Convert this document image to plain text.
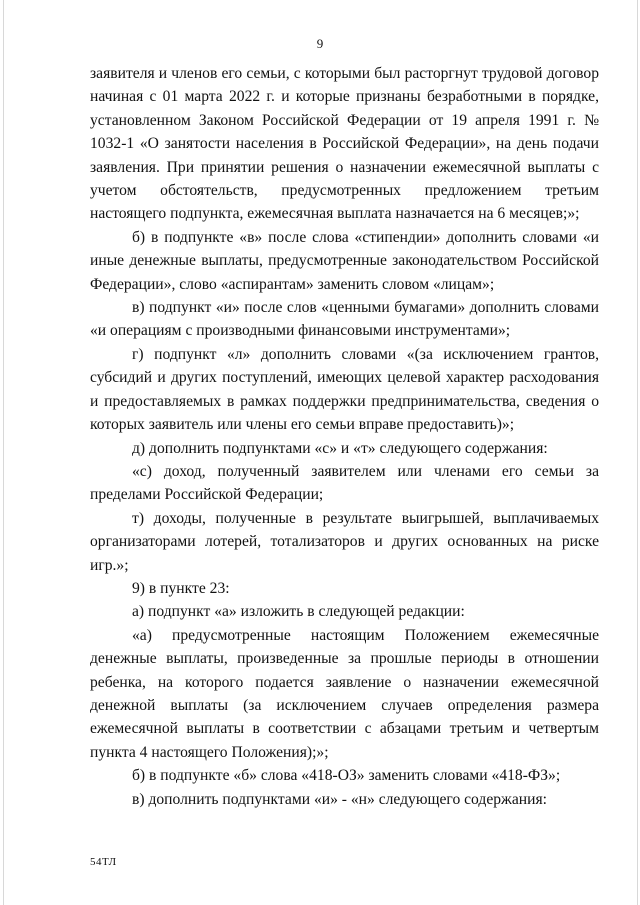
9

заявителя и членов его семьи, с которыми был расторгнут трудовой договор начиная с 01 марта 2022 г. и которые признаны безработными в порядке, установленном Законом Российской Федерации от 19 апреля 1991 г. № 1032-1 «О занятости населения в Российской Федерации», на день подачи заявления. При принятии решения о назначении ежемесячной выплаты с учетом обстоятельств, предусмотренных предложением третьим настоящего подпункта, ежемесячная выплата назначается на 6 месяцев;»;

б) в подпункте «в» после слова «стипендии» дополнить словами «и иные денежные выплаты, предусмотренные законодательством Российской Федерации», слово «аспирантам» заменить словом «лицам»;

в) подпункт «и» после слов «ценными бумагами» дополнить словами «и операциям с производными финансовыми инструментами»;

г) подпункт «л» дополнить словами «(за исключением грантов, субсидий и других поступлений, имеющих целевой характер расходования и предоставляемых в рамках поддержки предпринимательства, сведения о которых заявитель или члены его семьи вправе предоставить)»;

д) дополнить подпунктами «с» и «т» следующего содержания:

«с) доход, полученный заявителем или членами его семьи за пределами Российской Федерации;

т) доходы, полученные в результате выигрышей, выплачиваемых организаторами лотерей, тотализаторов и других основанных на риске игр.»;

9) в пункте 23:

а) подпункт «а» изложить в следующей редакции:

«а) предусмотренные настоящим Положением ежемесячные денежные выплаты, произведенные за прошлые периоды в отношении ребенка, на которого подается заявление о назначении ежемесячной денежной выплаты (за исключением случаев определения размера ежемесячной выплаты в соответствии с абзацами третьим и четвертым пункта 4 настоящего Положения);»;

б) в подпункте «б» слова «418-ОЗ» заменить словами «418-ФЗ»;

в) дополнить подпунктами «и» - «н» следующего содержания:

54ТЛ
